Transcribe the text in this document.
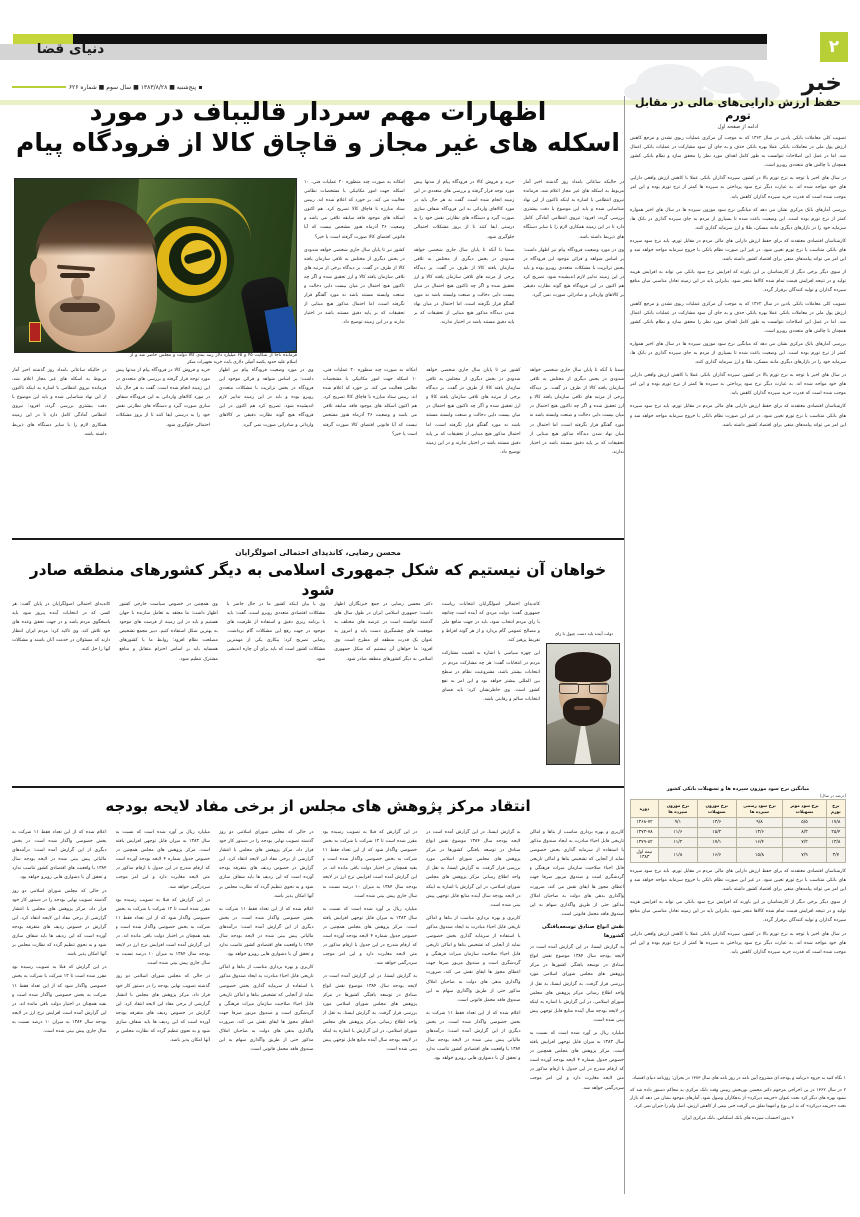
دنیای قضا	۲
خبر
پنج‌شنبه ■ ۱۳۸۳/۸/۲۸ ■ سال سوم ■ شماره ۶۲۶
حفظ ارزش دارایی‌های مالی در مقابل تورم
ادامه از صفحه اول

تصویب کلی معاملات بانکی یادین در سال ۱۳۶۲ که به موجب آن مرکزی عملیات ربوی نشدن و مرجع کاهش ارزش پول ملی در معاملات بانکی عملا بهره بانکی حذف و به جای آن سود مشارکت در عملیات بانکی اعمال شد. اما در عمل این اصلاحات نتوانست به طور کامل اهداف مورد نظر را محقق سازد و نظام بانکی کشور همچنان با چالش های متعددی روبرو است.

در سال های اخیر با توجه به نرخ تورم بالا در کشور، سپرده گذاران بانکی عملا با کاهش ارزش واقعی دارایی های خود مواجه شده اند. به عبارت دیگر نرخ سود پرداختی به سپرده ها کمتر از نرخ تورم بوده و این امر موجب شده است که قدرت خرید سپرده گذاران کاهش یابد.

بررسی آمارهای بانک مرکزی نشان می دهد که میانگین نرخ سود موزون سپرده ها در سال های اخیر همواره کمتر از نرخ تورم بوده است. این وضعیت باعث شده تا بسیاری از مردم به جای سپرده گذاری در بانک ها، سرمایه خود را در بازارهای دیگری مانند مسکن، طلا و ارز سرمایه گذاری کنند.

کارشناسان اقتصادی معتقدند که برای حفظ ارزش دارایی های مالی مردم در مقابل تورم، باید نرخ سود سپرده های بانکی متناسب با نرخ تورم تعیین شود. در غیر این صورت نظام بانکی با خروج سرمایه مواجه خواهد شد و این امر می تواند پیامدهای منفی برای اقتصاد کشور داشته باشد.

از سوی دیگر برخی دیگر از کارشناسان بر این باورند که افزایش نرخ سود بانکی می تواند به افزایش هزینه تولید و در نتیجه افزایش قیمت تمام شده کالاها منجر شود. بنابراین باید در این زمینه تعادل مناسبی میان منافع سپرده گذاران و تولید کنندگان برقرار گردد.

تصویب کلی معاملات بانکی یادین در سال ۱۳۶۲ که به موجب آن مرکزی عملیات ربوی نشدن و مرجع کاهش ارزش پول ملی در معاملات بانکی عملا بهره بانکی حذف و به جای آن سود مشارکت در عملیات بانکی اعمال شد. اما در عمل این اصلاحات نتوانست به طور کامل اهداف مورد نظر را محقق سازد و نظام بانکی کشور همچنان با چالش های متعددی روبرو است.

بررسی آمارهای بانک مرکزی نشان می دهد که میانگین نرخ سود موزون سپرده ها در سال های اخیر همواره کمتر از نرخ تورم بوده است. این وضعیت باعث شده تا بسیاری از مردم به جای سپرده گذاری در بانک ها، سرمایه خود را در بازارهای دیگری مانند مسکن، طلا و ارز سرمایه گذاری کنند.

در سال های اخیر با توجه به نرخ تورم بالا در کشور، سپرده گذاران بانکی عملا با کاهش ارزش واقعی دارایی های خود مواجه شده اند. به عبارت دیگر نرخ سود پرداختی به سپرده ها کمتر از نرخ تورم بوده و این امر موجب شده است که قدرت خرید سپرده گذاران کاهش یابد.

کارشناسان اقتصادی معتقدند که برای حفظ ارزش دارایی های مالی مردم در مقابل تورم، باید نرخ سود سپرده های بانکی متناسب با نرخ تورم تعیین شود. در غیر این صورت نظام بانکی با خروج سرمایه مواجه خواهد شد و این امر می تواند پیامدهای منفی برای اقتصاد کشور داشته باشد.

میانگین نرخ سود موزون سپرده ها و تسهیلات بانکی کشور
(درصد در سال)
نرخ تورم	نرخ سود موثر تسهیلات	نرخ سود رسمی سپرده ها	نرخ موزون تسهیلات	نرخ موزون سپرده ها	دوره
۱۷/۸	۵/۵	۹/۸	۱۳/۶	۹/۱	۱۳۶۸-۷۲
۲۵/۴	۸/۳	۱۳/۶	۱۵/۲	۱۱/۶	۱۳۷۳-۷۸
۱۳/۸	۷/۲	۱۶/۴	۱۷/۱	۱۱/۲	۱۳۷۹-۸۲
۳/۷	۷/۹	۱۵/۸	۱۶/۶	۱۱/۸	نیمه اول ۱۳۸۳

کارشناسان اقتصادی معتقدند که برای حفظ ارزش دارایی های مالی مردم در مقابل تورم، باید نرخ سود سپرده های بانکی متناسب با نرخ تورم تعیین شود. در غیر این صورت نظام بانکی با خروج سرمایه مواجه خواهد شد و این امر می تواند پیامدهای منفی برای اقتصاد کشور داشته باشد.

از سوی دیگر برخی دیگر از کارشناسان بر این باورند که افزایش نرخ سود بانکی می تواند به افزایش هزینه تولید و در نتیجه افزایش قیمت تمام شده کالاها منجر شود. بنابراین باید در این زمینه تعادل مناسبی میان منافع سپرده گذاران و تولید کنندگان برقرار گردد.

در سال های اخیر با توجه به نرخ تورم بالا در کشور، سپرده گذاران بانکی عملا با کاهش ارزش واقعی دارایی های خود مواجه شده اند. به عبارت دیگر نرخ سود پرداختی به سپرده ها کمتر از نرخ تورم بوده و این امر موجب شده است که قدرت خرید سپرده گذاران کاهش یابد.

۱ نگاه کنید به جزوه «برنامه و بودجه ای مشروح آیین نامه در روز نامه های سال ۱۳۸۳ در بحران: روزنامه دنیای اقتصاد.
۲ در سال ۱۳۶۲ در پی اخراجی مرحوم دکتر محسن نوربخش رییس وقت بانک مرکزی به محاکم دستور داده شد که نشود بهره های دیگر کرد تحت عنوان «جریمه دیرکرد» از بدهکاران وصول شود. آمارهای موجود نشان می دهد که بازار تخت «جریمه دیرکرد» که به این نوع و امهما تعلق می گرفت حتی نیمی از کاهش ارزش، اصل وام را جبران نمی کرد.
۳ بدون احتساب سپرده های بانک اسکناس، بانک مرکزی ایران
اظهارات مهم سردار قالیباف در مورد
اسکله های غیر مجاز و قاچاق کالا از فرودگاه پیام
فرمانده ناجا از شکایت ۴۵ و ۶۵ میلیارد دلار رتبه بندی کالا دولت و مجلس حاضر شد و از اسلام علیه حدود یکصد آمپلی دلاری بابت خرید تجهیزات منکر

در حالیکه ساعاتی بامداد روز گذشته اخیر آمار مربوط به اسکله های غیر مجاز اعلام شد، فرمانده نیروی انتظامی با اشاره به اینکه تاکنون از این نهاد شناسایی شده و باید این موضوع با دقت بیشتری بررسی گردد، افزود: نیروی انتظامی آمادگی کامل دارد تا در این زمینه همکاری لازم را با سایر دستگاه های ذیربط داشته باشد.

وی در مورد وضعیت فرودگاه پیام نیز اظهار داشت: بر اساس شواهد و قرائن موجود این فرودگاه در بخش ترانزیت با مشکلات متعددی روبرو بوده و باید در این زمینه تدابیر لازم اندیشیده شود. تصریح کرد هم اکنون در این فرودگاه هیچ گونه نظارت دقیقی بر کالاهای وارداتی و صادراتی صورت نمی گیرد.

خرید و فروش کالا در فرودگاه پیام از مدتها پیش مورد توجه قرار گرفته و بررسی های متعددی در این زمینه انجام شده است. گفت به هر حال باید در مورد کالاهای وارداتی به این فرودگاه شفاف سازی صورت گیرد و دستگاه های نظارتی نقش خود را به درستی ایفا کنند تا از بروز مشکلات احتمالی جلوگیری شود.

ضمنا با آنکه تا پایان سال جاری شخصی خواهد شدودی در بخش دیگری از مختلش به تلاقی سازمان یافته کالا از طرف در گفت. بر دیدگاه برخی از مرتبه های تلاقی سازمان یافته کالا و ارز تحقیق شده و اگر چه تاکنون هیچ احتمال در میان بیست دایی دخالت و صنعت وابسته باشد نه مورد گفتگو قرار نگرفته است، اما احتمال در میان نهاد شدن دیدگاه مذکور هیچ مبنایی از تحقیقات که بر پایه دقیق مستند باشد در اختیار ندارند.

امکانه به صورت چند منظوره ۲۰ عملیات فنی، ۱۰ اسکله جهت امور مکانیکی با مشخصات نظامی فعالیت می کند. بر خورد که اعلام شده اند. رییس ستاد مبارزه با قاچاق کالا تصریح کرد. هم اکنون اسکله های موجود فاقد سابقه تلاقی می باشد و وضعیت ۲۶ آذرماه هنوز مشخص نیست که آیا قانونی اقتضای کالا صورت گرفته است یا خیر؟

کشور نیز تا پایان سال جاری شخصی خواهد شدودی در بخش دیگری از مختلش به تلاقی سازمان یافته کالا از طرف در گفت. بر دیدگاه برخی از مرتبه های تلاقی سازمان یافته کالا و ارز تحقیق شده و اگر چه تاکنون هیچ احتمال در میان بیست دایی دخالت و صنعت وابسته مستند باشد نه مورد گفتگو قرار نگرفته است، اما احتمال مذکور هیچ مبنایی از تحقیقات که بر پایه دقیق مستند باشد در اختیار ندارند و در این زمینه توضیح داد.

ضمنا با آنکه تا پایان سال جاری شخصی خواهد شدودی در بخش دیگری از مختلش به تلاقی سازمان یافته کالا از طرف در گفت. بر دیدگاه برخی از مرتبه های تلاقی سازمان یافته کالا و ارز تحقیق شده و اگر چه تاکنون هیچ احتمال در میان بیست دایی دخالت و صنعت وابسته باشد نه مورد گفتگو قرار نگرفته است، اما احتمال در میان نهاد شدن دیدگاه مذکور هیچ مبنایی از تحقیقات که بر پایه دقیق مستند باشد در اختیار ندارند.

کشور نیز تا پایان سال جاری شخصی خواهد شدودی در بخش دیگری از مختلش به تلاقی سازمان یافته کالا از طرف در گفت. بر دیدگاه برخی از مرتبه های تلاقی سازمان یافته کالا و ارز تحقیق شده و اگر چه تاکنون هیچ احتمال در میان بیست دایی دخالت و صنعت وابسته مستند باشد نه مورد گفتگو قرار نگرفته است، اما احتمال مذکور هیچ مبنایی از تحقیقات که بر پایه دقیق مستند باشد در اختیار ندارند و در این زمینه توضیح داد.

امکانه به صورت چند منظوره ۲۰ عملیات فنی، ۱۰ اسکله جهت امور مکانیکی با مشخصات نظامی فعالیت می کند. بر خورد که اعلام شده اند. رییس ستاد مبارزه با قاچاق کالا تصریح کرد. هم اکنون اسکله های موجود فاقد سابقه تلاقی می باشد و وضعیت ۲۶ آذرماه هنوز مشخص نیست که آیا قانونی اقتضای کالا صورت گرفته است یا خیر؟

وی در مورد وضعیت فرودگاه پیام نیز اظهار داشت: بر اساس شواهد و قرائن موجود این فرودگاه در بخش ترانزیت با مشکلات متعددی روبرو بوده و باید در این زمینه تدابیر لازم اندیشیده شود. تصریح کرد هم اکنون در این فرودگاه هیچ گونه نظارت دقیقی بر کالاهای وارداتی و صادراتی صورت نمی گیرد.

خرید و فروش کالا در فرودگاه پیام از مدتها پیش مورد توجه قرار گرفته و بررسی های متعددی در این زمینه انجام شده است. گفت به هر حال باید در مورد کالاهای وارداتی به این فرودگاه شفاف سازی صورت گیرد و دستگاه های نظارتی نقش خود را به درستی ایفا کنند تا از بروز مشکلات احتمالی جلوگیری شود.

در حالیکه ساعاتی بامداد روز گذشته اخیر آمار مربوط به اسکله های غیر مجاز اعلام شد، فرمانده نیروی انتظامی با اشاره به اینکه تاکنون از این نهاد شناسایی شده و باید این موضوع با دقت بیشتری بررسی گردد، افزود: نیروی انتظامی آمادگی کامل دارد تا در این زمینه همکاری لازم را با سایر دستگاه های ذیربط داشته باشد.

محسن رضایی، کاندیدای احتمالی اصولگرایان
خواهان آن نیستیم که شکل جمهوری اسلامی به دیگر کشورهای منطقه صادر شود
دولت آینده باید دست چپول با رای

کاندیدای احتمالی اصولگرایان انتخابات ریاست جمهوری گفت: دولت مردی که آینده است چنانچه با رای مردم انتخاب شود، باید در جهت منافع ملی و مصالح عمومی گام بردارد و از هر گونه افراط و تفریط پرهیز کند.

این چهره سیاسی با اشاره به اهمیت مشارکت مردم در انتخابات گفت: هر چه مشارکت مردم در انتخابات بیشتر باشد، مشروعیت نظام در سطح بین المللی بیشتر خواهد بود و این امر به نفع کشور است. وی خاطرنشان کرد: باید فضای انتخابات سالم و رقابتی باشد.

دکتر محسن رضایی در جمع خبرنگاران اظهار داشت: جمهوری اسلامی ایران در طول سال های گذشته توانسته است در عرصه های مختلف به موفقیت های چشمگیری دست یابد و امروز به عنوان یک قدرت منطقه ای مطرح است. وی افزود: ما خواهان آن نیستیم که شکل جمهوری اسلامی به دیگر کشورهای منطقه صادر شود.

وی با بیان اینکه کشور ما در حال حاضر با مشکلات اقتصادی متعددی روبرو است، گفت: باید با برنامه ریزی دقیق و استفاده از ظرفیت های موجود در جهت رفع این مشکلات گام برداشت. رضایی تصریح کرد: بیکاری یکی از مهمترین مشکلات کشور است که باید برای آن چاره اندیشی شود.

وی همچنین در خصوص سیاست خارجی کشور اظهار داشت: ما معتقد به تعامل سازنده با جهان هستیم و باید در این زمینه از فرصت های موجود به بهترین شکل استفاده کنیم. دبیر مجمع تشخیص مصلحت نظام افزود: روابط ما با کشورهای همسایه باید بر اساس احترام متقابل و منافع مشترک تنظیم شود.

کاندیدای احتمالی اصولگرایان در پایان گفت: هر کسی که در انتخابات آینده پیروز شود باید پاسخگوی مردم باشد و در جهت تحقق وعده های خود تلاش کند. وی تاکید کرد: مردم ایران انتظار دارند که مسئولان در خدمت آنان باشند و مشکلات آنها را حل کنند.

انتقاد مرکز پژوهش های مجلس از برخی مفاد لایحه بودجه

کاربری و بهره برداری مناسب از بناها و اماکن تاریخی قابل احیاء مبادرت به ایجاد صندوق مذکور با استفاده از سرمایه گذاری بخش خصوصی نماید از آنجایی که تشخیص بناها و اماکن تاریخی قابل احیاء صلاحیت سازمان میراث فرهنگی و گردشگری است و صندوق مزبور صرفا جهت اعطای مجوز ها ایفای نقش می کند، ضرورت واگذاری بدهی های دولت به صاحبان املاک مذکور حتی از طریق واگذاری سهام به این صندوق فاقد محمل قانونی است.

نقش انواع صنادق توسعه‌یافتگی کشورها

به گزارش ایسنا، در این گزارش آمده است در لایحه بودجه سال ۱۳۸۴ موضوع نقش انواع صنادق در توسعه یافتگی کشورها در مرکز پژوهش های مجلس شورای اسلامی مورد بررسی قرار گرفت. به گزارش ایسنا، به نقل از واحد اطلاع رسانی مرکز پژوهش های مجلس شورای اسلامی، در این گزارش با اشاره به اینکه در لایحه بودجه سال آینده منابع قابل توجهی پیش بینی شده است.

میلیارد ریال بر آورد شده است که نسبت به سال ۱۳۸۳ به میزان قابل توجهی افزایش یافته است. مرکز پژوهش های مجلس همچنین در خصوص جدول شماره ۴ لایحه بودجه آورده است که ارقام مندرج در این جدول با ارقام مذکور در متن لایحه مغایرت دارد و این امر موجب سردرگمی خواهد شد.

به گزارش ایسنا، در این گزارش آمده است در لایحه بودجه سال ۱۳۸۴ موضوع نقش انواع صنادق در توسعه یافتگی کشورها در مرکز پژوهش های مجلس شورای اسلامی مورد بررسی قرار گرفت. به گزارش ایسنا، به نقل از واحد اطلاع رسانی مرکز پژوهش های مجلس شورای اسلامی، در این گزارش با اشاره به اینکه در لایحه بودجه سال آینده منابع قابل توجهی پیش بینی شده است.

کاربری و بهره برداری مناسب از بناها و اماکن تاریخی قابل احیاء مبادرت به ایجاد صندوق مذکور با استفاده از سرمایه گذاری بخش خصوصی نماید از آنجایی که تشخیص بناها و اماکن تاریخی قابل احیاء صلاحیت سازمان میراث فرهنگی و گردشگری است و صندوق مزبور صرفا جهت اعطای مجوز ها ایفای نقش می کند، ضرورت واگذاری بدهی های دولت به صاحبان املاک مذکور حتی از طریق واگذاری سهام به این صندوق فاقد محمل قانونی است.

اعلام شده که از این تعداد فقط ۱۱ شرکت به بخش خصوصی واگذار شده است. در بخش دیگری از این گزارش آمده است: درآمدهای مالیاتی پیش بینی شده در لایحه بودجه سال ۱۳۸۴ با واقعیت های اقتصادی کشور تناسب ندارد و تحقق آن با دشواری هایی روبرو خواهد بود.

در این گزارش که قبلا به تصویب رسیده بود مقرر شده است تا ۱۲ شرکت با شرکت به بخش خصوصی واگذار شود که از این تعداد فقط ۱۱ شرکت به بخش خصوصی واگذار شده است و بقیه همچنان در اختیار دولت باقی مانده اند. در این گزارش آمده است افزایش نرخ ارز در لایحه بودجه سال ۱۳۸۴ به میزان ۱۰ درصد نسبت به سال جاری پیش بینی شده است.

میلیارد ریال بر آورد شده است که نسبت به سال ۱۳۸۳ به میزان قابل توجهی افزایش یافته است. مرکز پژوهش های مجلس همچنین در خصوص جدول شماره ۴ لایحه بودجه آورده است که ارقام مندرج در این جدول با ارقام مذکور در متن لایحه مغایرت دارد و این امر موجب سردرگمی خواهد شد.

به گزارش ایسنا، در این گزارش آمده است در لایحه بودجه سال ۱۳۸۴ موضوع نقش انواع صنادق در توسعه یافتگی کشورها در مرکز پژوهش های مجلس شورای اسلامی مورد بررسی قرار گرفت. به گزارش ایسنا، به نقل از واحد اطلاع رسانی مرکز پژوهش های مجلس شورای اسلامی، در این گزارش با اشاره به اینکه در لایحه بودجه سال آینده منابع قابل توجهی پیش بینی شده است.

در حالی که مجلس شورای اسلامی دو روز گذشته تصویب نهایی بودجه را در دستور کار خود قرار داد، مرکز پژوهش های مجلس با انتشار گزارشی از برخی مفاد این لایحه انتقاد کرد. این گزارش در خصوص ردیف های متفرقه بودجه آورده است که این ردیف ها باید شفاف سازی شود و به نحوی تنظیم گردد که نظارت مجلس بر آنها امکان پذیر باشد.

اعلام شده که از این تعداد فقط ۱۱ شرکت به بخش خصوصی واگذار شده است. در بخش دیگری از این گزارش آمده است: درآمدهای مالیاتی پیش بینی شده در لایحه بودجه سال ۱۳۸۴ با واقعیت های اقتصادی کشور تناسب ندارد و تحقق آن با دشواری هایی روبرو خواهد بود.

کاربری و بهره برداری مناسب از بناها و اماکن تاریخی قابل احیاء مبادرت به ایجاد صندوق مذکور با استفاده از سرمایه گذاری بخش خصوصی نماید از آنجایی که تشخیص بناها و اماکن تاریخی قابل احیاء صلاحیت سازمان میراث فرهنگی و گردشگری است و صندوق مزبور صرفا جهت اعطای مجوز ها ایفای نقش می کند، ضرورت واگذاری بدهی های دولت به صاحبان املاک مذکور حتی از طریق واگذاری سهام به این صندوق فاقد محمل قانونی است.

میلیارد ریال بر آورد شده است که نسبت به سال ۱۳۸۳ به میزان قابل توجهی افزایش یافته است. مرکز پژوهش های مجلس همچنین در خصوص جدول شماره ۴ لایحه بودجه آورده است که ارقام مندرج در این جدول با ارقام مذکور در متن لایحه مغایرت دارد و این امر موجب سردرگمی خواهد شد.

در این گزارش که قبلا به تصویب رسیده بود مقرر شده است تا ۱۲ شرکت با شرکت به بخش خصوصی واگذار شود که از این تعداد فقط ۱۱ شرکت به بخش خصوصی واگذار شده است و بقیه همچنان در اختیار دولت باقی مانده اند. در این گزارش آمده است افزایش نرخ ارز در لایحه بودجه سال ۱۳۸۴ به میزان ۱۰ درصد نسبت به سال جاری پیش بینی شده است.

در حالی که مجلس شورای اسلامی دو روز گذشته تصویب نهایی بودجه را در دستور کار خود قرار داد، مرکز پژوهش های مجلس با انتشار گزارشی از برخی مفاد این لایحه انتقاد کرد. این گزارش در خصوص ردیف های متفرقه بودجه آورده است که این ردیف ها باید شفاف سازی شود و به نحوی تنظیم گردد که نظارت مجلس بر آنها امکان پذیر باشد.

اعلام شده که از این تعداد فقط ۱۱ شرکت به بخش خصوصی واگذار شده است. در بخش دیگری از این گزارش آمده است: درآمدهای مالیاتی پیش بینی شده در لایحه بودجه سال ۱۳۸۴ با واقعیت های اقتصادی کشور تناسب ندارد و تحقق آن با دشواری هایی روبرو خواهد بود.

در حالی که مجلس شورای اسلامی دو روز گذشته تصویب نهایی بودجه را در دستور کار خود قرار داد، مرکز پژوهش های مجلس با انتشار گزارشی از برخی مفاد این لایحه انتقاد کرد. این گزارش در خصوص ردیف های متفرقه بودجه آورده است که این ردیف ها باید شفاف سازی شود و به نحوی تنظیم گردد که نظارت مجلس بر آنها امکان پذیر باشد.

در این گزارش که قبلا به تصویب رسیده بود مقرر شده است تا ۱۲ شرکت با شرکت به بخش خصوصی واگذار شود که از این تعداد فقط ۱۱ شرکت به بخش خصوصی واگذار شده است و بقیه همچنان در اختیار دولت باقی مانده اند. در این گزارش آمده است افزایش نرخ ارز در لایحه بودجه سال ۱۳۸۴ به میزان ۱۰ درصد نسبت به سال جاری پیش بینی شده است.
